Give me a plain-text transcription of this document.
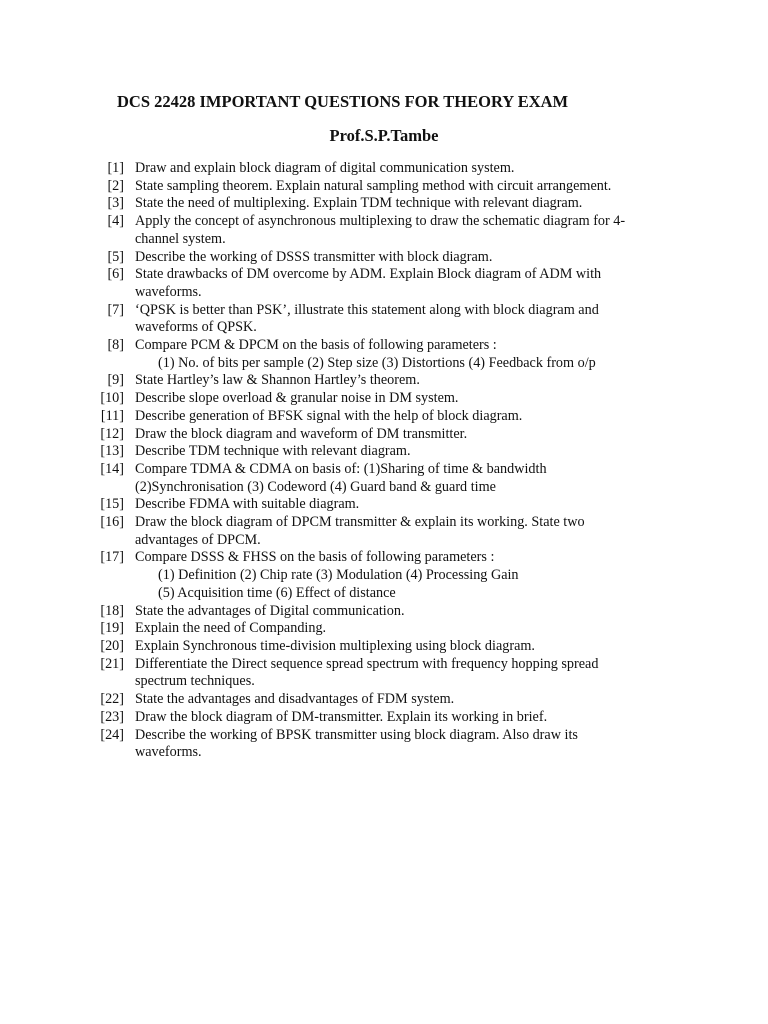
DCS 22428 IMPORTANT QUESTIONS FOR THEORY EXAM
Prof.S.P.Tambe
[1] Draw and explain block diagram of digital communication system.
[2] State sampling theorem. Explain natural sampling method with circuit arrangement.
[3] State the need of multiplexing. Explain TDM technique with relevant diagram.
[4] Apply the concept of asynchronous multiplexing to draw the schematic diagram for 4-
channel system.
[5] Describe the working of DSSS transmitter with block diagram.
[6] State drawbacks of DM overcome by ADM. Explain Block diagram of ADM with
waveforms.
[7] ‘QPSK is better than PSK’, illustrate this statement along with block diagram and
waveforms of QPSK.
[8] Compare PCM & DPCM on the basis of following parameters :
(1) No. of bits per sample (2) Step size (3) Distortions (4) Feedback from o/p
[9] State Hartley’s law & Shannon Hartley’s theorem.
[10] Describe slope overload & granular noise in DM system.
[11] Describe generation of BFSK signal with the help of block diagram.
[12] Draw the block diagram and waveform of DM transmitter.
[13] Describe TDM technique with relevant diagram.
[14] Compare TDMA & CDMA on basis of: (1)Sharing of time & bandwidth
(2)Synchronisation (3) Codeword (4) Guard band & guard time
[15] Describe FDMA with suitable diagram.
[16] Draw the block diagram of DPCM transmitter & explain its working. State two
advantages of DPCM.
[17] Compare DSSS & FHSS on the basis of following parameters :
(1) Definition (2) Chip rate (3) Modulation (4) Processing Gain
(5) Acquisition time (6) Effect of distance
[18] State the advantages of Digital communication.
[19] Explain the need of Companding.
[20] Explain Synchronous time-division multiplexing using block diagram.
[21] Differentiate the Direct sequence spread spectrum with frequency hopping spread
spectrum techniques.
[22] State the advantages and disadvantages of FDM system.
[23] Draw the block diagram of DM-transmitter. Explain its working in brief.
[24] Describe the working of BPSK transmitter using block diagram. Also draw its
waveforms.
